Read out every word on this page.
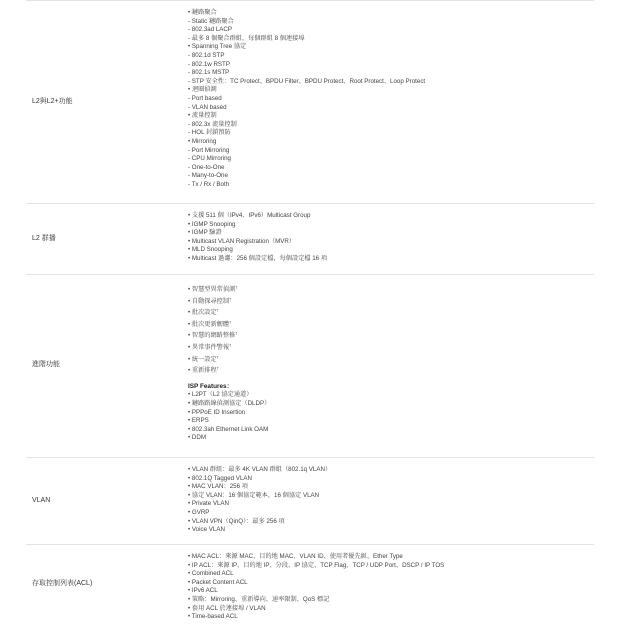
L2與L2+功能
• 鏈路聚合
- Static 鏈路聚合
- 802.3ad LACP
- 最多 8 個聚合群組，每個群組 8 個連接埠
• Spanning Tree 協定
- 802.1d STP
- 802.1w RSTP
- 802.1s MSTP
- STP 安全性：TC Protect、BPDU Filter、BPDU Protect、Root Protect、Loop Protect
• 迴圈偵測
- Port based
- VLAN based
• 流量控制
- 802.3x 流量控制
- HOL 封鎖預防
• Mirroring
- Port Mirroring
- CPU Mirroring
- One-to-One
- Many-to-One
- Tx / Rx / Both
L2 群播
• 支援 511 個（IPv4、IPv6）Multicast Group
• IGMP Snooping
• IGMP 驗證
• Multicast VLAN Registration（MVR）
• MLD Snooping
• Multicast 過濾：256 個設定檔，每個設定檔 16 項
進階功能
• 智慧型異常偵測†
• 自動探尋控制†
• 批次設定†
• 批次更新韌體†
• 智慧的網路整修†
• 異常事件警報†
• 統一設定†
• 重新排程†
ISP Features：
• L2PT（L2 協定通道）
• 鏈路路線偵測協定（DLDP）
• PPPoE ID Insertion
• ERPS
• 802.3ah Ethernet Link OAM
• DDM
VLAN
• VLAN 群組：最多 4K VLAN 群組（802.1q VLAN）
• 802.1Q Tagged VLAN
• MAC VLAN：256 項
• 協定 VLAN：16 個協定範本，16 個協定 VLAN
• Private VLAN
• GVRP
• VLAN VPN（QinQ）：最多 256 項
• Voice VLAN
存取控制列表(ACL)
• MAC ACL：來源 MAC、目的地 MAC、VLAN ID、使用者優先級、Ether Type
• IP ACL：來源 IP、目的地 IP、分段、IP 協定、TCP Flag、TCP / UDP Port、DSCP / IP TOS
• Combined ACL
• Packet Content ACL
• IPv6 ACL
• 策略：Mirroring、重新導向、速率限制、QoS 標記
• 套用 ACL 於連接埠 / VLAN
• Time-based ACL
